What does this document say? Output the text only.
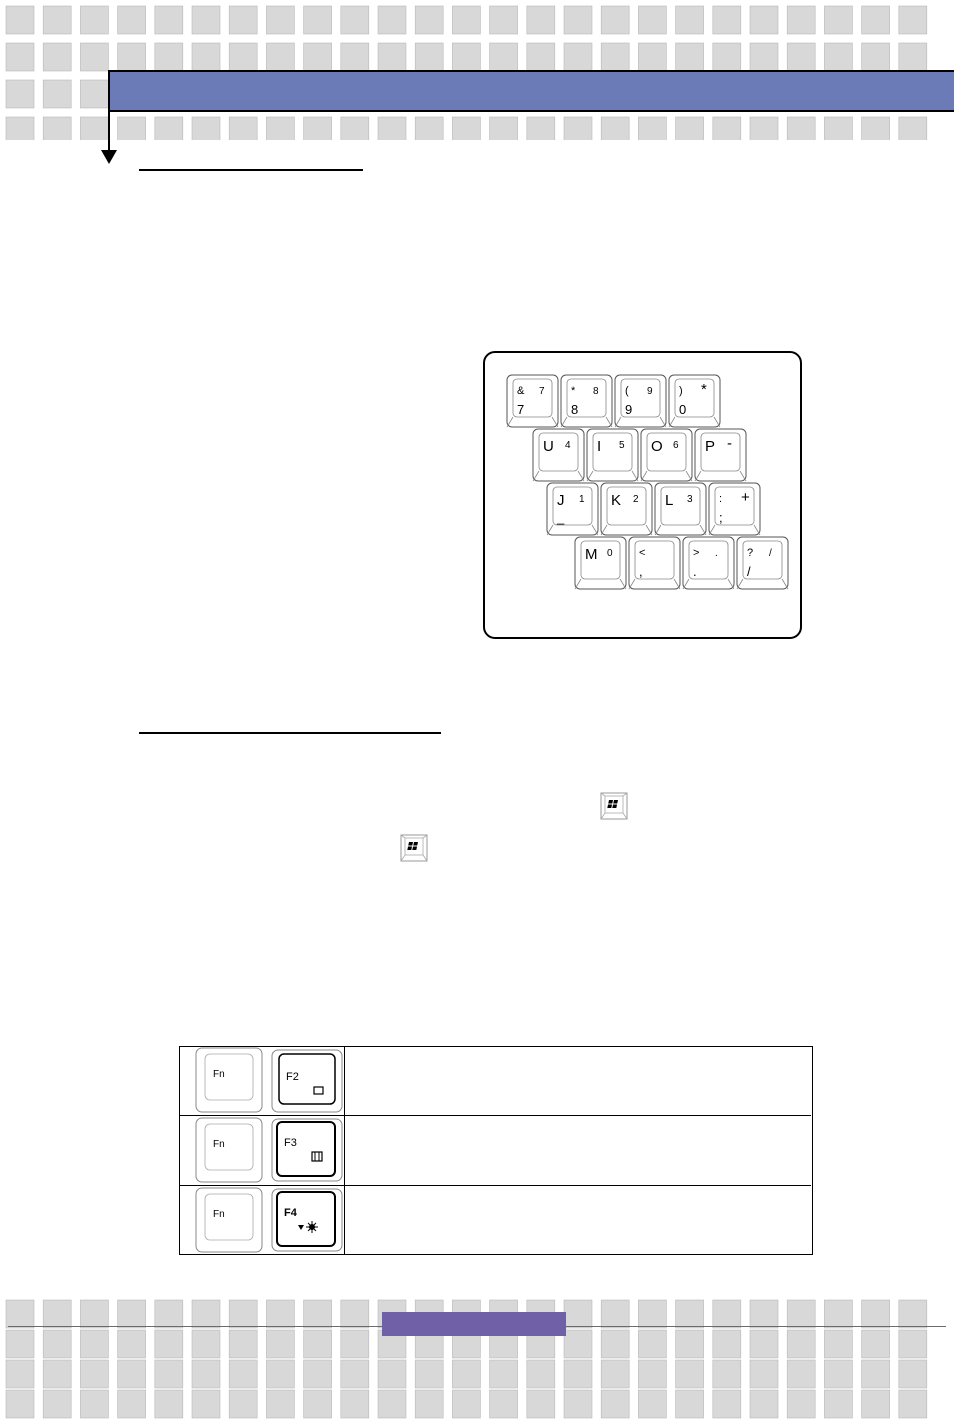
& 7
7
* 8
8
( 9
9
) *
0
U 4 I 5 O 6 P -
J 1
_
K 2 L 3 : +
;
M 0 <
,
> .
.
? /
/
Fn	F2
Fn	F3
Fn	F4
